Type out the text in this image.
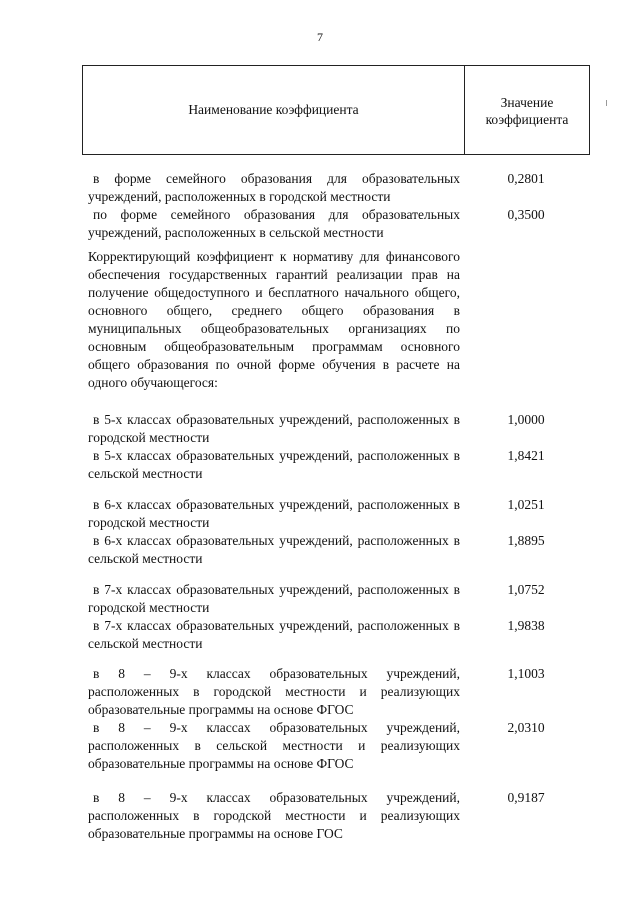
7
Наименование коэффициента	Значение коэффициента
в форме семейного образования для образовательных учреждений, расположенных в городской местности
0,2801
по форме семейного образования для образовательных учреждений, расположенных в сельской местности
0,3500
Корректирующий коэффициент к нормативу для финансового обеспечения государственных гарантий реализации прав на получение общедоступного и бесплатного начального общего, основного общего, среднего общего образования в муниципальных общеобразовательных организациях по основным общеобразовательным программам основного общего образования по очной форме обучения в расчете на одного обучающегося:
в 5-х классах образовательных учреждений, расположенных в городской местности
1,0000
в 5-х классах образовательных учреждений, расположенных в сельской местности
1,8421
в 6-х классах образовательных учреждений, расположенных в городской местности
1,0251
в 6-х классах образовательных учреждений, расположенных в сельской местности
1,8895
в 7-х классах образовательных учреждений, расположенных в городской местности
1,0752
в 7-х классах образовательных учреждений, расположенных в сельской местности
1,9838
в 8 – 9-х классах образовательных учреждений, расположенных в городской местности и реализующих образовательные программы на основе ФГОС
1,1003
в 8 – 9-х классах образовательных учреждений, расположенных в сельской местности и реализующих образовательные программы на основе ФГОС
2,0310
в 8 – 9-х классах образовательных учреждений, расположенных в городской местности и реализующих образовательные программы на основе ГОС
0,9187
